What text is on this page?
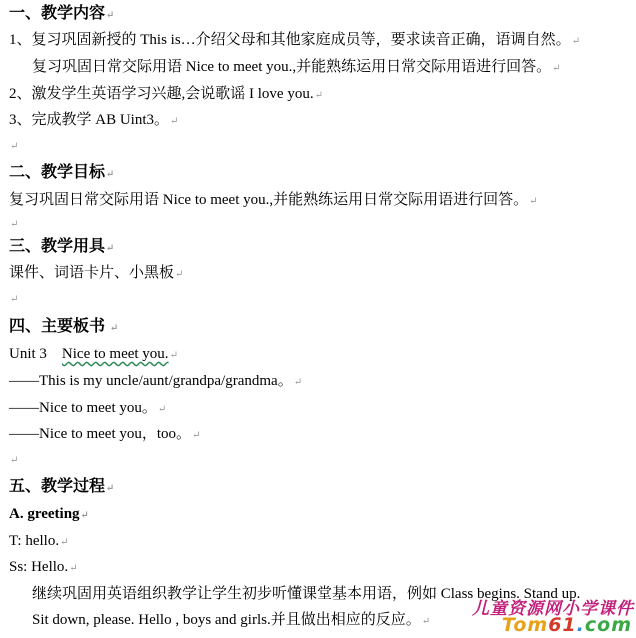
一、教学内容↵
1、复习巩固新授的 This is…介绍父母和其他家庭成员等，要求读音正确，语调自然。↵
复习巩固日常交际用语 Nice to meet you.,并能熟练运用日常交际用语进行回答。↵
2、激发学生英语学习兴趣,会说歌谣 I love you.↵
3、完成教学 AB Uint3。↵
↵
二、教学目标↵
复习巩固日常交际用语 Nice to meet you.,并能熟练运用日常交际用语进行回答。↵
↵
三、教学用具↵
课件、词语卡片、小黑板↵
↵
四、主要板书 ↵
Unit 3 Nice to meet you.↵
——This is my uncle/aunt/grandpa/grandma。↵
——Nice to meet you。↵
——Nice to meet you，too。↵
↵
五、教学过程↵
A. greeting↵
T: hello.↵
Ss: Hello.↵
继续巩固用英语组织教学让学生初步听懂课堂基本用语，例如 Class begins. Stand up.
Sit down, please. Hello , boys and girls.并且做出相应的反应。↵
儿童资源网小学课件
Tom61.com
